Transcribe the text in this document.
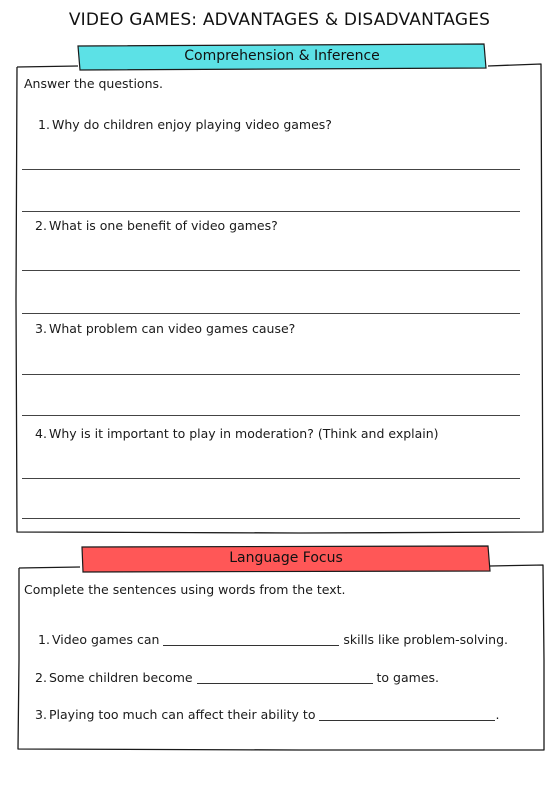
VIDEO GAMES: ADVANTAGES & DISADVANTAGES
Comprehension & Inference
Answer the questions.
1. Why do children enjoy playing video games?
2. What is one benefit of video games?
3. What problem can video games cause?
4. Why is it important to play in moderation? (Think and explain)
Language Focus
Complete the sentences using words from the text.
1. Video games can	skills like problem-solving.
2. Some children become	to games.
3. Playing too much can affect their ability to	.
